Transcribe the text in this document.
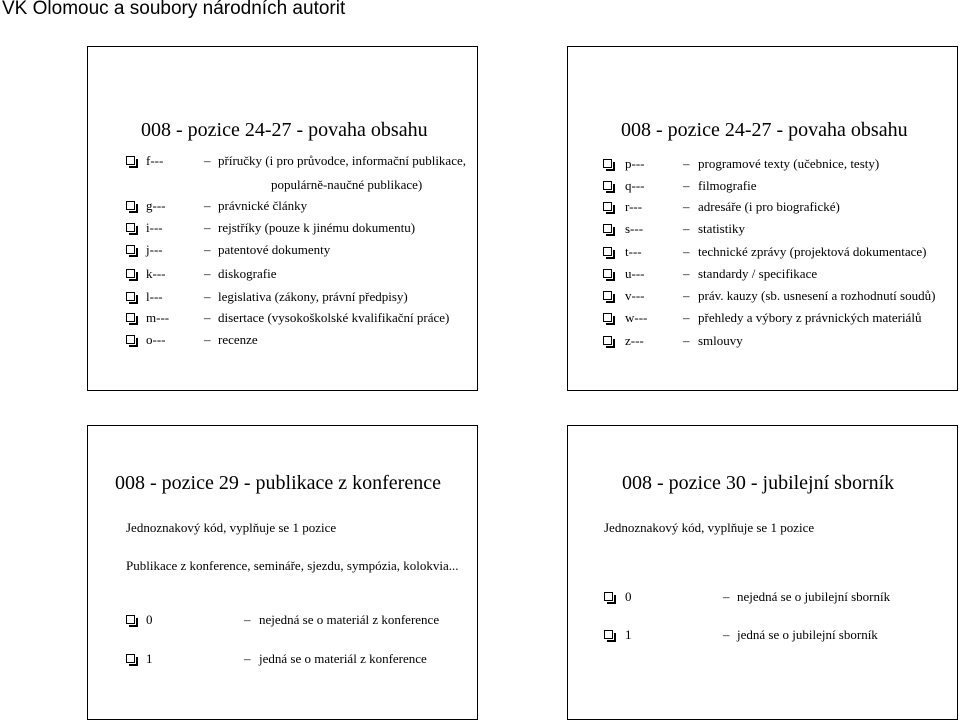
VK Olomouc a soubory národních autorit
008 - pozice 24-27 - povaha obsahu
f---	– příručky (i pro průvodce, informační publikace,
populárně-naučné publikace)
g---	– právnické články
i---	– rejstříky (pouze k jinému dokumentu)
j---	– patentové dokumenty
k---	– diskografie
l---	– legislativa (zákony, právní předpisy)
m---	– disertace (vysokoškolské kvalifikační práce)
o---	– recenze
008 - pozice 24-27 - povaha obsahu
p---	– programové texty (učebnice, testy)
q---	– filmografie
r---	– adresáře (i pro biografické)
s---	– statistiky
t---	– technické zprávy (projektová dokumentace)
u---	– standardy / specifikace
v---	– práv. kauzy (sb. usnesení a rozhodnutí soudů)
w---	– přehledy a výbory z právnických materiálů
z---	– smlouvy
008 - pozice 29 - publikace z konference
Jednoznakový kód, vyplňuje se 1 pozice
Publikace z konference, semináře, sjezdu, sympózia, kolokvia...
0	– nejedná se o materiál z konference
1	– jedná se o materiál z konference
008 - pozice 30 - jubilejní sborník
Jednoznakový kód, vyplňuje se 1 pozice
0	– nejedná se o jubilejní sborník
1	– jedná se o jubilejní sborník
